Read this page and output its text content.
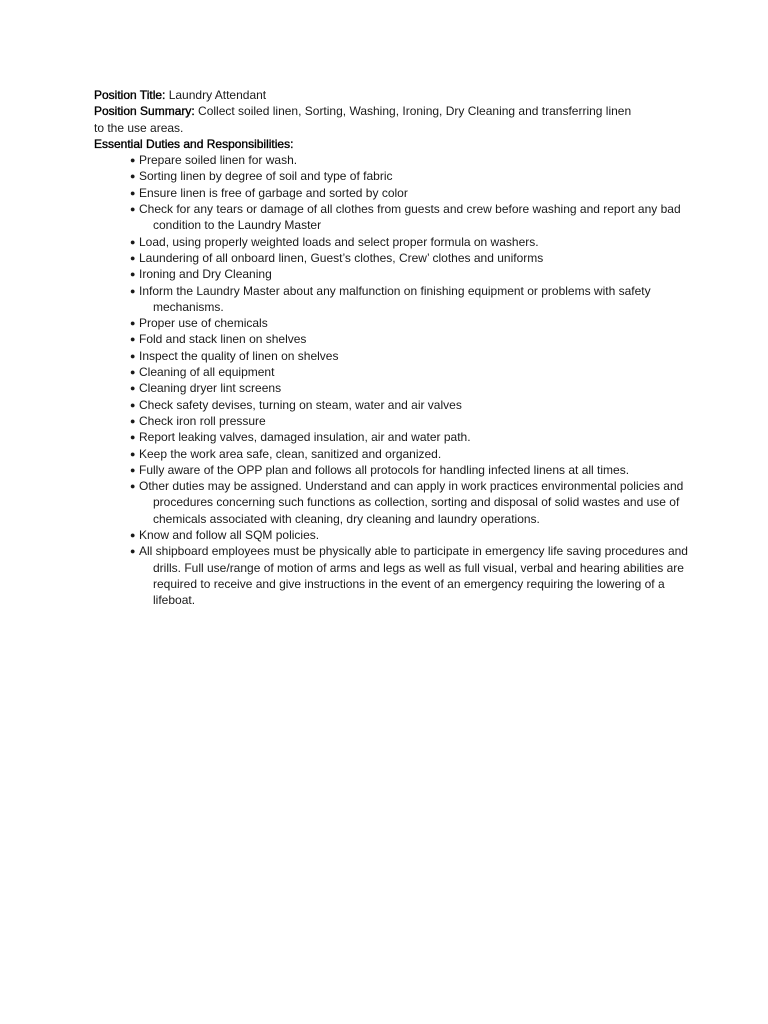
Position Title: Laundry Attendant

Position Summary: Collect soiled linen, Sorting, Washing, Ironing, Dry Cleaning and transferring linen to the use areas.

Essential Duties and Responsibilities:

● Prepare soiled linen for wash.
● Sorting linen by degree of soil and type of fabric
● Ensure linen is free of garbage and sorted by color
● Check for any tears or damage of all clothes from guests and crew before washing and report any bad condition to the Laundry Master
● Load, using properly weighted loads and select proper formula on washers.
● Laundering of all onboard linen, Guest’s clothes, Crew’ clothes and uniforms
● Ironing and Dry Cleaning
● Inform the Laundry Master about any malfunction on finishing equipment or problems with safety mechanisms.
● Proper use of chemicals
● Fold and stack linen on shelves
● Inspect the quality of linen on shelves
● Cleaning of all equipment
● Cleaning dryer lint screens
● Check safety devises, turning on steam, water and air valves
● Check iron roll pressure
● Report leaking valves, damaged insulation, air and water path.
● Keep the work area safe, clean, sanitized and organized.
● Fully aware of the OPP plan and follows all protocols for handling infected linens at all times.
● Other duties may be assigned. Understand and can apply in work practices environmental policies and procedures concerning such functions as collection, sorting and disposal of solid wastes and use of chemicals associated with cleaning, dry cleaning and laundry operations.
● Know and follow all SQM policies.
● All shipboard employees must be physically able to participate in emergency life saving procedures and drills. Full use/range of motion of arms and legs as well as full visual, verbal and hearing abilities are required to receive and give instructions in the event of an emergency requiring the lowering of a lifeboat.
